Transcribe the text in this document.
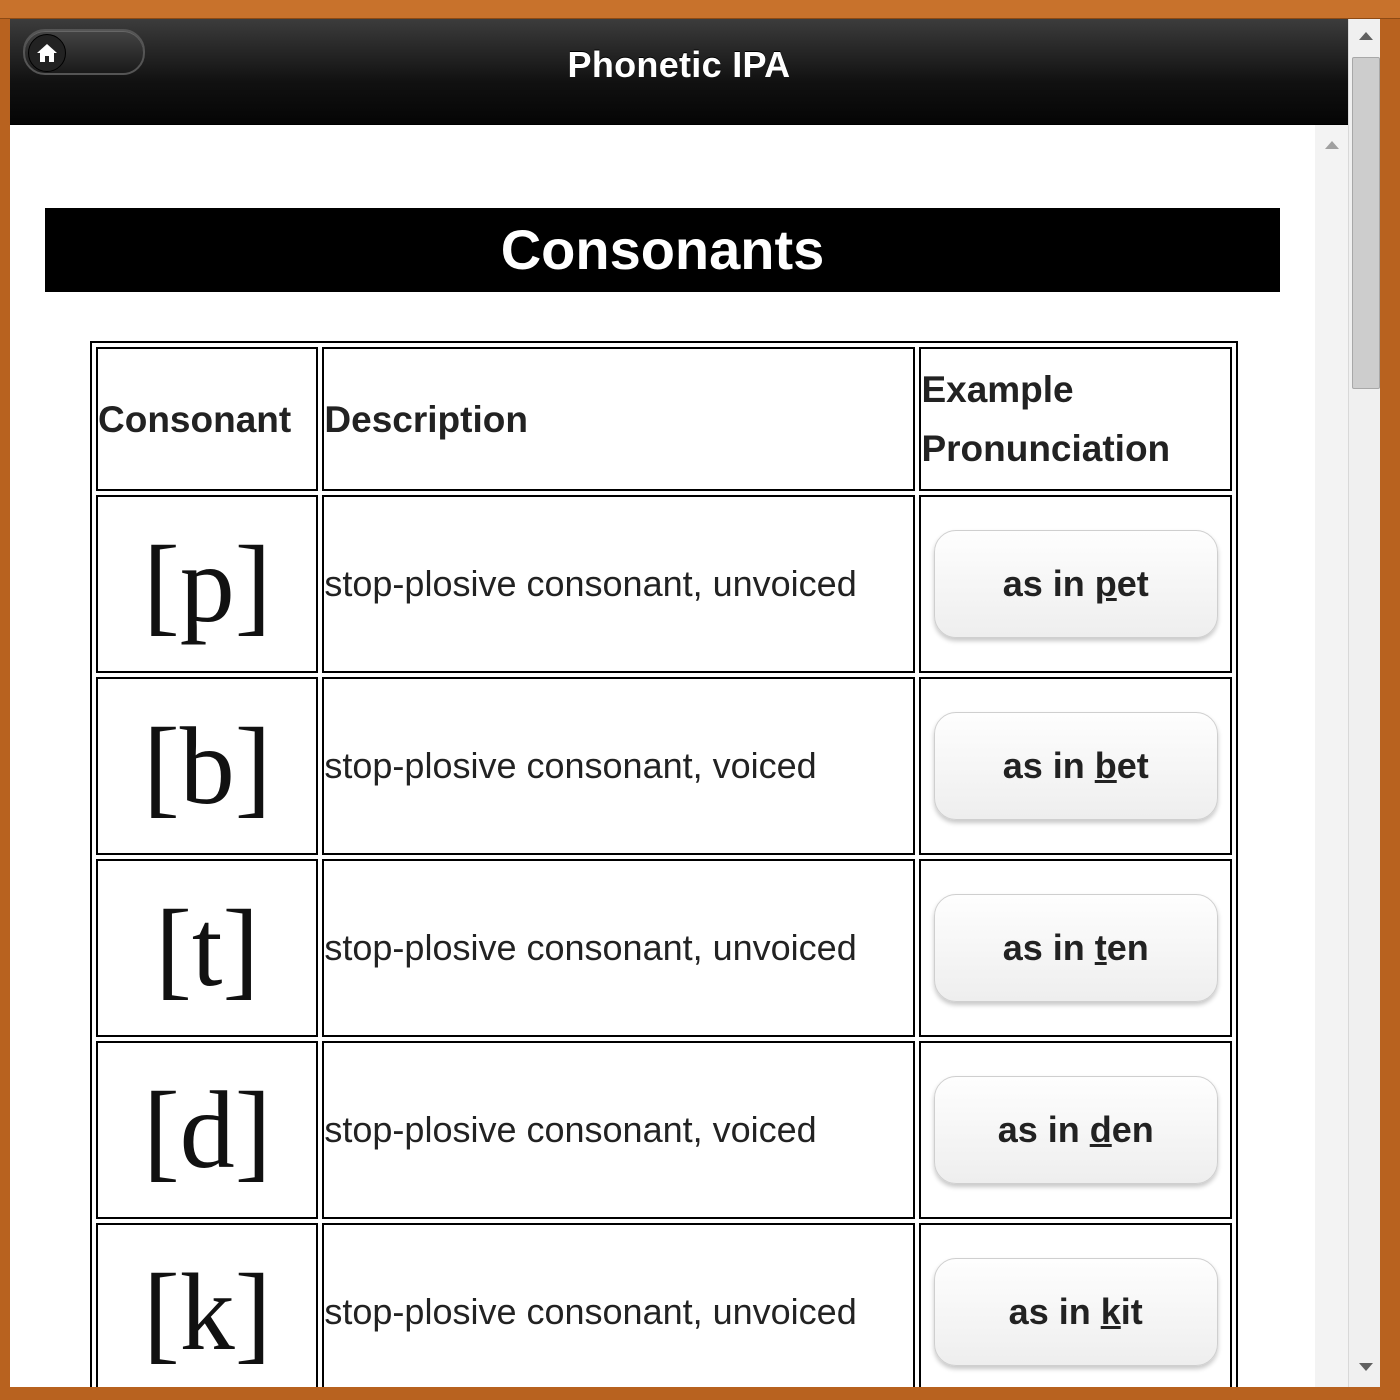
Phonetic IPA
Consonants
Consonant	Description	Example
Pronunciation
[p]	stop-plosive consonant, unvoiced	as in p et

[b]	stop-plosive consonant, voiced	as in b et

[t]	stop-plosive consonant, unvoiced	as in t en

[d]	stop-plosive consonant, voiced	as in d en

[k]	stop-plosive consonant, unvoiced	as in k it
